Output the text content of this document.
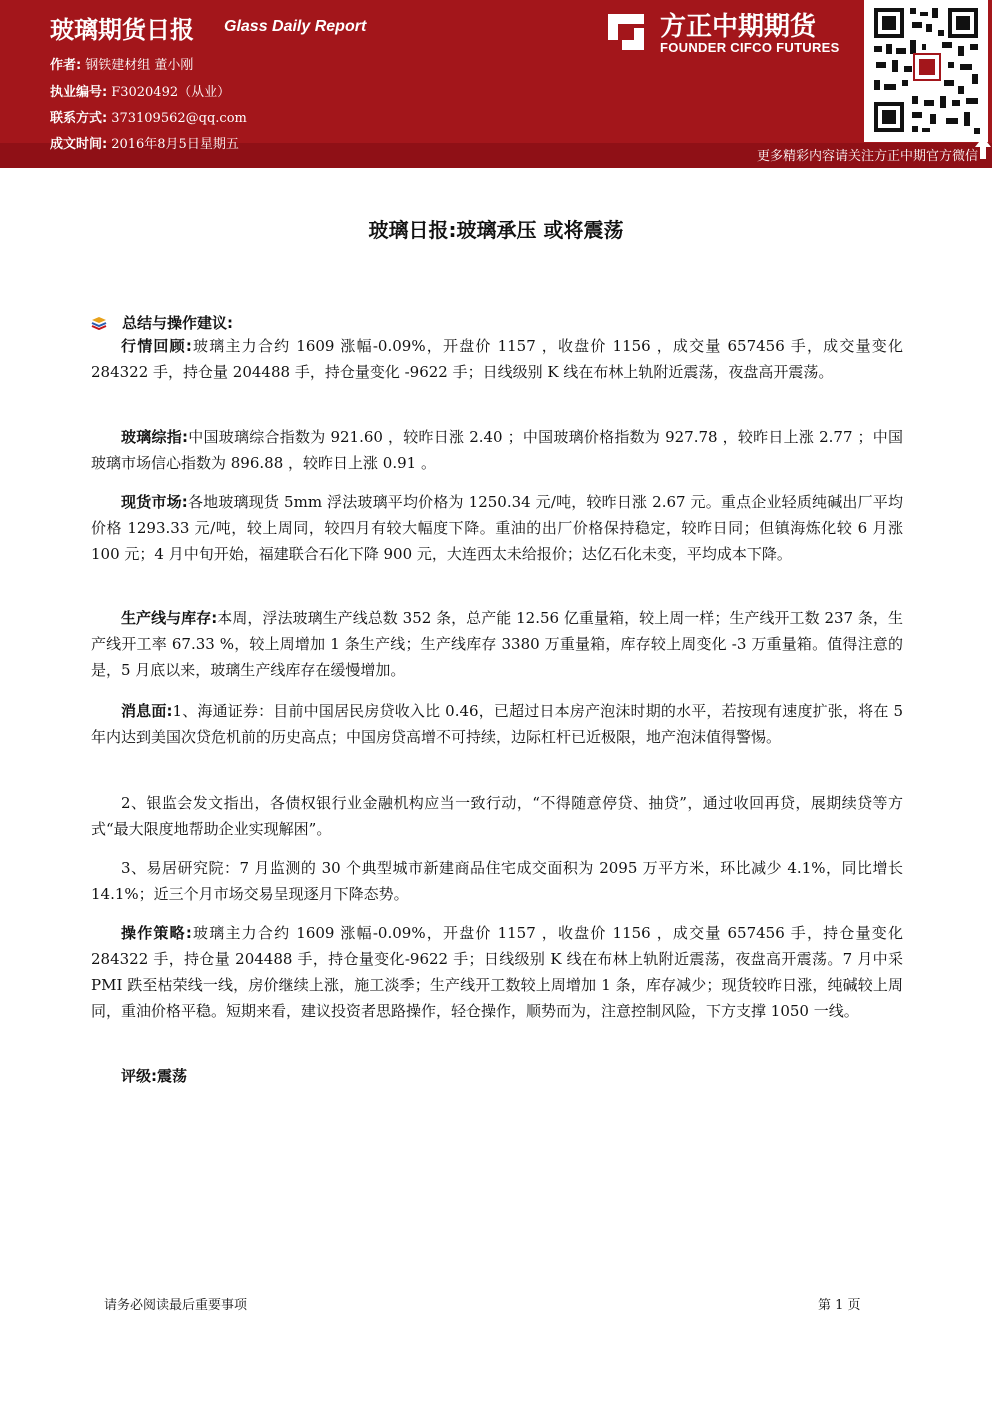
玻璃期货日报 Glass Daily Report
作者: 钢铁建材组 董小刚
执业编号: F3020492（从业）
联系方式: 373109562@qq.com
成文时间: 2016年8月5日星期五
方正中期期货
FOUNDER CIFCO FUTURES
更多精彩内容请关注方正中期官方微信
玻璃日报:玻璃承压 或将震荡
总结与操作建议:
行情回顾:玻璃主力合约 1609 涨幅-0.09%，开盘价 1157 ，收盘价 1156 ，成交量 657456 手，成交量变化 284322 手，持仓量 204488 手，持仓量变化 -9622 手；日线级别 K 线在布林上轨附近震荡，夜盘高开震荡。
玻璃综指:中国玻璃综合指数为 921.60 ，较昨日涨 2.40 ；中国玻璃价格指数为 927.78 ，较昨日上涨 2.77 ；中国玻璃市场信心指数为 896.88 ，较昨日上涨 0.91 。
现货市场:各地玻璃现货 5mm 浮法玻璃平均价格为 1250.34 元/吨，较昨日涨 2.67 元。重点企业轻质纯碱出厂平均价格 1293.33 元/吨，较上周同，较四月有较大幅度下降。重油的出厂价格保持稳定，较昨日同；但镇海炼化较 6 月涨 100 元；4 月中旬开始，福建联合石化下降 900 元，大连西太未给报价；达亿石化未变，平均成本下降。
生产线与库存:本周，浮法玻璃生产线总数 352 条，总产能 12.56 亿重量箱，较上周一样；生产线开工数 237 条，生产线开工率 67.33 %，较上周增加 1 条生产线；生产线库存 3380 万重量箱，库存较上周变化 -3 万重量箱。值得注意的是，5 月底以来，玻璃生产线库存在缓慢增加。
消息面:1、海通证券：目前中国居民房贷收入比 0.46，已超过日本房产泡沫时期的水平，若按现有速度扩张，将在 5 年内达到美国次贷危机前的历史高点；中国房贷高增不可持续，边际杠杆已近极限，地产泡沫值得警惕。
2、银监会发文指出，各债权银行业金融机构应当一致行动，“不得随意停贷、抽贷”，通过收回再贷，展期续贷等方式“最大限度地帮助企业实现解困”。
3、易居研究院：7 月监测的 30 个典型城市新建商品住宅成交面积为 2095 万平方米，环比减少 4.1%，同比增长 14.1%；近三个月市场交易呈现逐月下降态势。
操作策略:玻璃主力合约 1609 涨幅-0.09%，开盘价 1157 ，收盘价 1156 ，成交量 657456 手，持仓量变化 284322 手，持仓量 204488 手，持仓量变化-9622 手；日线级别 K 线在布林上轨附近震荡，夜盘高开震荡。7 月中采 PMI 跌至枯荣线一线，房价继续上涨，施工淡季；生产线开工数较上周增加 1 条，库存减少；现货较昨日涨，纯碱较上周同，重油价格平稳。短期来看，建议投资者思路操作，轻仓操作，顺势而为，注意控制风险，下方支撑 1050 一线。
评级:震荡
请务必阅读最后重要事项	第 1 页
